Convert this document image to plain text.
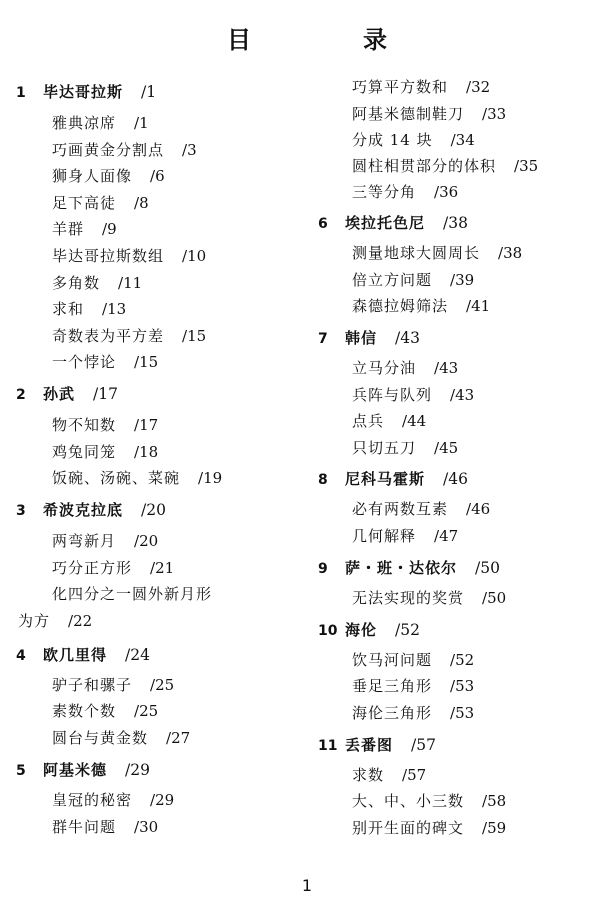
目　录
1 毕达哥拉斯 /1
雅典凉席 /1
巧画黄金分割点 /3
狮身人面像 /6
足下高徒 /8
羊群 /9
毕达哥拉斯数组 /10
多角数 /11
求和 /13
奇数表为平方差 /15
一个悖论 /15
2 孙武 /17
物不知数 /17
鸡兔同笼 /18
饭碗、汤碗、菜碗 /19
3 希波克拉底 /20
两弯新月 /20
巧分正方形 /21
化四分之一圆外新月形
为方 /22
4 欧几里得 /24
驴子和骡子 /25
素数个数 /25
圆台与黄金数 /27
5 阿基米德 /29
皇冠的秘密 /29
群牛问题 /30
巧算平方数和 /32
阿基米德制鞋刀 /33
分成 14 块 /34
圆柱相贯部分的体积 /35
三等分角 /36
6 埃拉托色尼 /38
测量地球大圆周长 /38
倍立方问题 /39
森德拉姆筛法 /41
7 韩信 /43
立马分油 /43
兵阵与队列 /43
点兵 /44
只切五刀 /45
8 尼科马霍斯 /46
必有两数互素 /46
几何解释 /47
9 萨・班・达依尔 /50
无法实现的奖赏 /50
10 海伦 /52
饮马河问题 /52
垂足三角形 /53
海伦三角形 /53
11 丢番图 /57
求数 /57
大、中、小三数 /58
别开生面的碑文 /59
1
